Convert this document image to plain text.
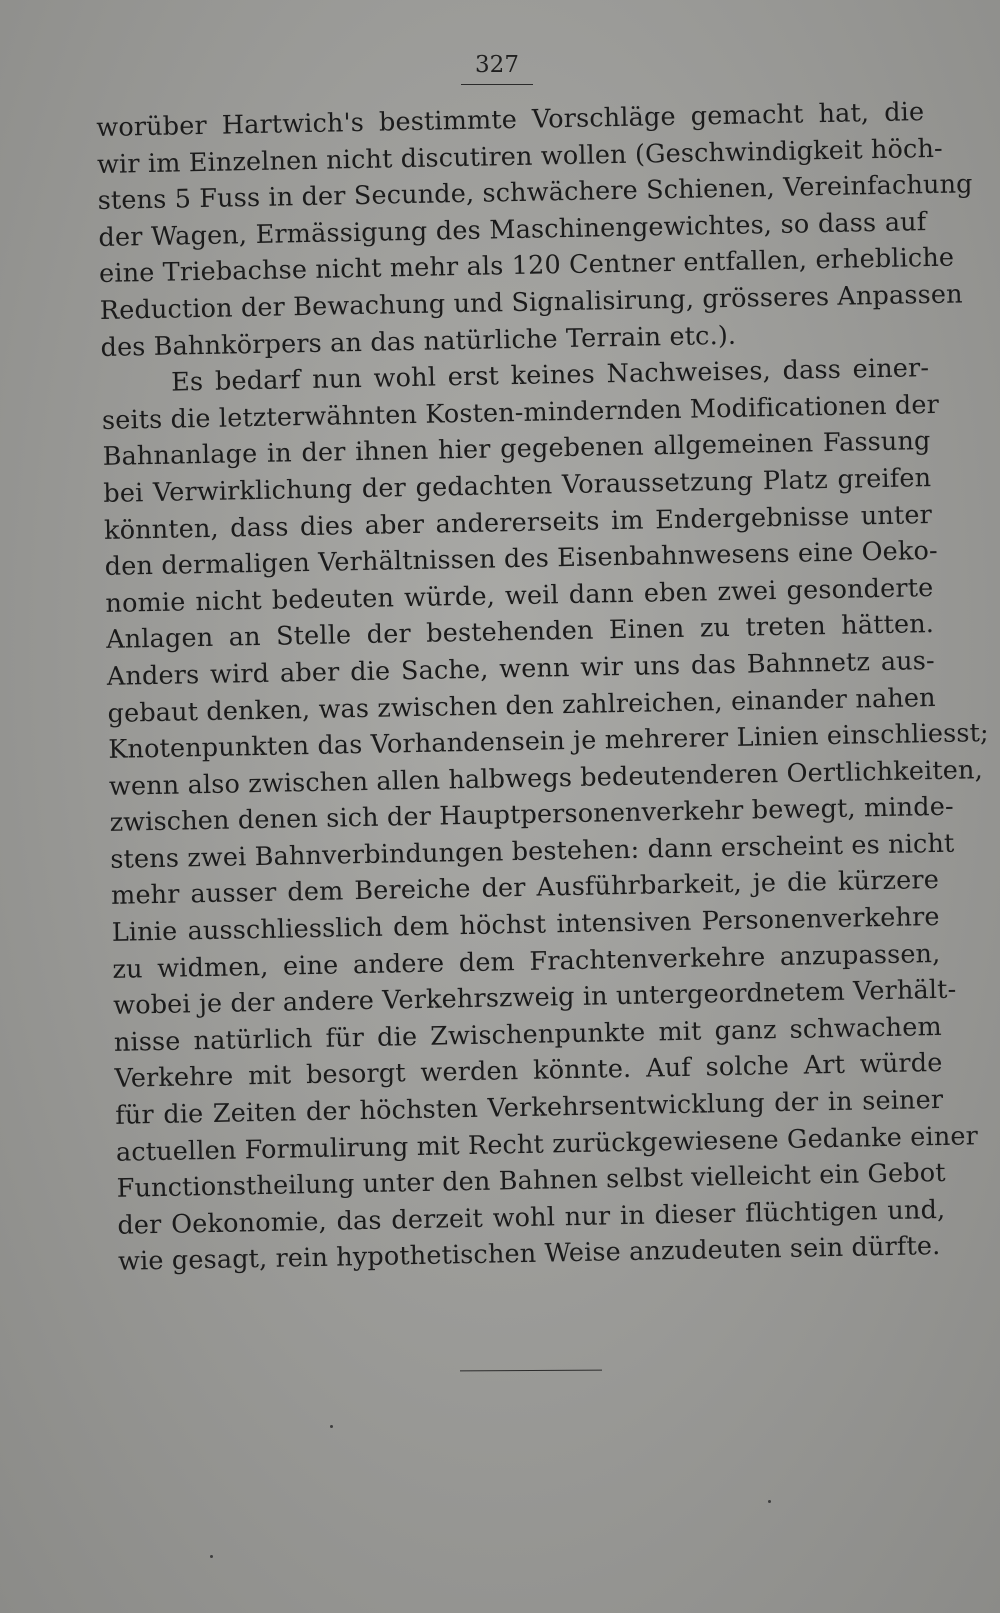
327
worüber Hartwich's bestimmte Vorschläge gemacht hat, die
wir im Einzelnen nicht discutiren wollen (Geschwindigkeit höch-
stens 5 Fuss in der Secunde, schwächere Schienen, Vereinfachung
der Wagen, Ermässigung des Maschinengewichtes, so dass auf
eine Triebachse nicht mehr als 120 Centner entfallen, erhebliche
Reduction der Bewachung und Signalisirung, grösseres Anpassen
des Bahnkörpers an das natürliche Terrain etc.).
Es bedarf nun wohl erst keines Nachweises, dass einer-
seits die letzterwähnten Kosten-mindernden Modificationen der
Bahnanlage in der ihnen hier gegebenen allgemeinen Fassung
bei Verwirklichung der gedachten Voraussetzung Platz greifen
könnten, dass dies aber andererseits im Endergebnisse unter
den dermaligen Verhältnissen des Eisenbahnwesens eine Oeko-
nomie nicht bedeuten würde, weil dann eben zwei gesonderte
Anlagen an Stelle der bestehenden Einen zu treten hätten.
Anders wird aber die Sache, wenn wir uns das Bahnnetz aus-
gebaut denken, was zwischen den zahlreichen, einander nahen
Knotenpunkten das Vorhandensein je mehrerer Linien einschliesst;
wenn also zwischen allen halbwegs bedeutenderen Oertlichkeiten,
zwischen denen sich der Hauptpersonenverkehr bewegt, minde-
stens zwei Bahnverbindungen bestehen: dann erscheint es nicht
mehr ausser dem Bereiche der Ausführbarkeit, je die kürzere
Linie ausschliesslich dem höchst intensiven Personenverkehre
zu widmen, eine andere dem Frachtenverkehre anzupassen,
wobei je der andere Verkehrszweig in untergeordnetem Verhält-
nisse natürlich für die Zwischenpunkte mit ganz schwachem
Verkehre mit besorgt werden könnte. Auf solche Art würde
für die Zeiten der höchsten Verkehrsentwicklung der in seiner
actuellen Formulirung mit Recht zurückgewiesene Gedanke einer
Functionstheilung unter den Bahnen selbst vielleicht ein Gebot
der Oekonomie, das derzeit wohl nur in dieser flüchtigen und,
wie gesagt, rein hypothetischen Weise anzudeuten sein dürfte.
